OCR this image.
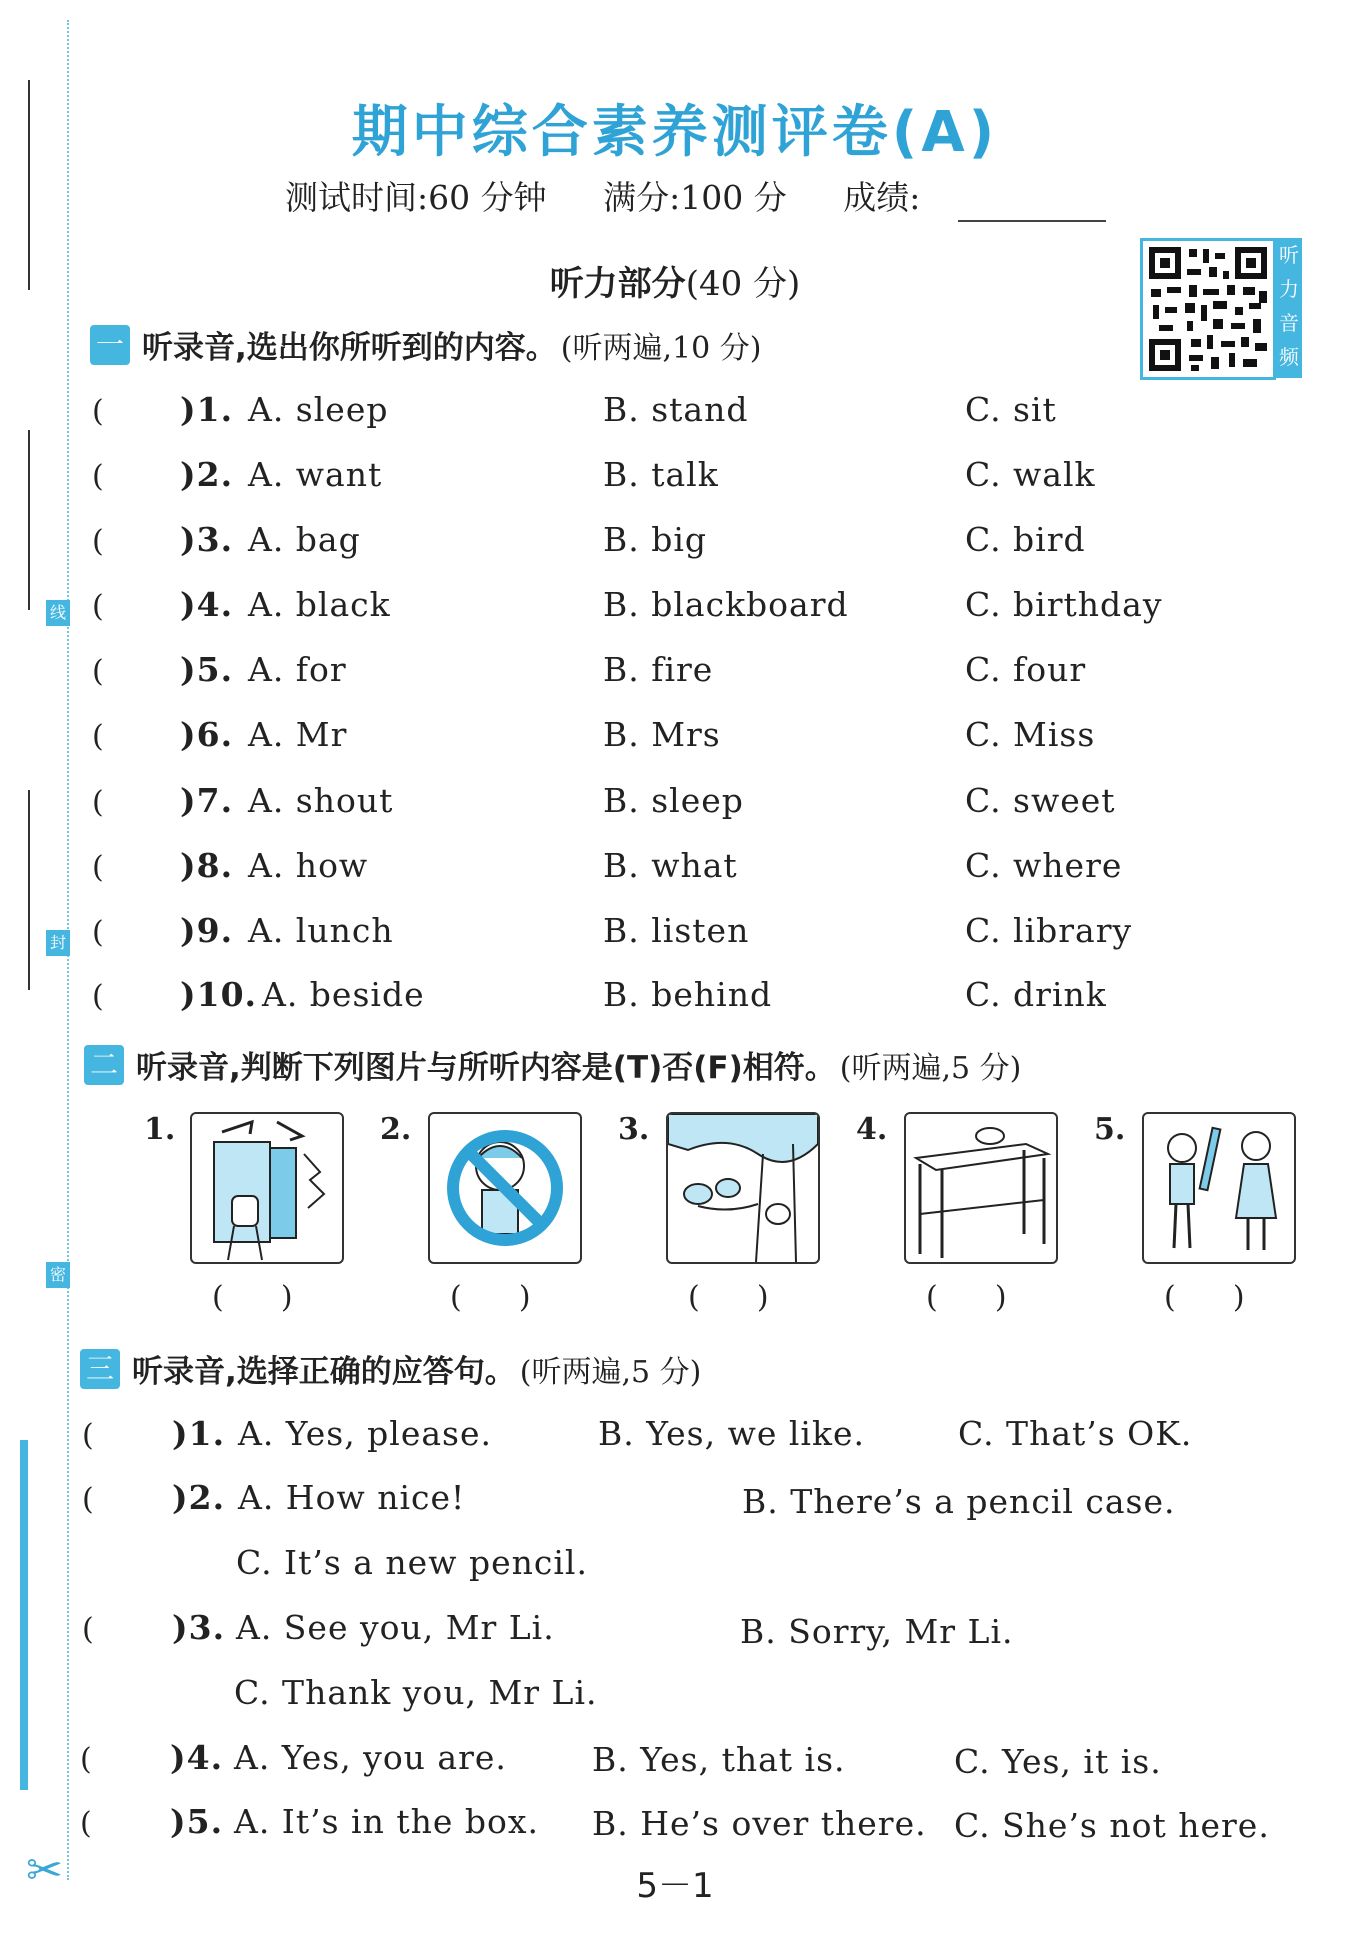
线
封
密
✂
期中综合素养测评卷(A)
测试时间:60 分钟 满分:100 分 成绩:
听力部分(40 分)
听力音频
一 听录音,选出你所听到的内容。 (听两遍,10 分)
( )1. A. sleep	B. stand	C. sit
( )2. A. want	B. talk	C. walk
( )3. A. bag	B. big	C. bird
( )4. A. black	B. blackboard	C. birthday
( )5. A. for	B. fire	C. four
( )6. A. Mr	B. Mrs	C. Miss
( )7. A. shout	B. sleep	C. sweet
( )8. A. how	B. what	C. where
( )9. A. lunch	B. listen	C. library
( )10. A. beside	B. behind	C. drink
二 听录音,判断下列图片与所听内容是(T)否(F)相符。 (听两遍,5 分)
1.	2.	3.	4.	5.
(      )	(      )	(      )	(      )	(      )
三 听录音,选择正确的应答句。 (听两遍,5 分)
( )1. A. Yes, please.	B. Yes, we like.	C. That’s OK.
( )2. A. How nice!	B. There’s a pencil case.
C. It’s a new pencil.
( )3. A. See you, Mr Li.	B. Sorry, Mr Li.
C. Thank you, Mr Li.
( )4. A. Yes, you are.	B. Yes, that is.	C. Yes, it is.
( )5. A. It’s in the box. B. He’s over there. C. She’s not here.
5－1
